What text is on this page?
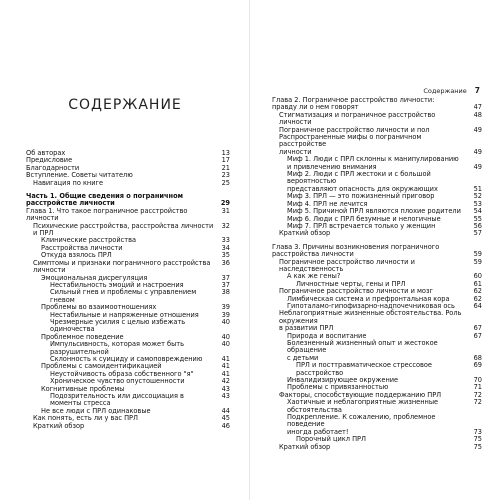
СОДЕРЖАНИЕ
Об авторах	13
Предисловие	17
Благодарности	21
Вступление. Советы читателю	23
Навигация по книге	25
Часть 1. Общие сведения о пограничном
расстройстве личности	29
Глава 1. Что такое пограничное расстройство личности
31
Психические расстройства, расстройства личности и ПРЛ
32
Клинические расстройства	33
Расстройства личности	34
Откуда взялось ПРЛ	35
Симптомы и признаки пограничного расстройства личности
36
Эмоциональная дисрегуляция	37
Нестабильность эмоций и настроения	37
Сильный гнев и проблемы с управлением гневом
38
Проблемы во взаимоотношениях	39
Нестабильные и напряженные отношения	39
Чрезмерные усилия с целью избежать одиночества
40
Проблемное поведение	40
Импульсивность, которая может быть разрушительной
40
Склонность к суициду и самоповреждению	41
Проблемы с самоидентификацией	41
Неустойчивость образа собственного "я"	41
Хроническое чувство опустошенности	42
Когнитивные проблемы	43
Подозрительность или диссоциация в моменты стресса
43
Не все люди с ПРЛ одинаковые	44
Как понять, есть ли у вас ПРЛ	45
Краткий обзор	46
Содержание 7
Глава 2. Пограничное расстройство личности:
правду ли о нем говорят	47
Стигматизация и пограничное расстройство личности
48
Пограничное расстройство личности и пол	49
Распространенные мифы о пограничном расстройстве
личности	49
Миф 1. Люди с ПРЛ склонны к манипулированию
и привлечению внимания	49
Миф 2. Люди с ПРЛ жестоки и с большой вероятностью
представляют опасность для окружающих	51
Миф 3. ПРЛ — это пожизненный приговор	52
Миф 4. ПРЛ не лечится	53
Миф 5. Причиной ПРЛ являются плохие родители 54
Миф 6. Люди с ПРЛ безумные и нелогичные	55
Миф 7. ПРЛ встречается только у женщин	56
Краткий обзор	57
Глава 3. Причины возникновения пограничного
расстройства личности	59
Пограничное расстройство личности и наследственность
59
А как же гены?	60
Личностные черты, гены и ПРЛ	61
Пограничное расстройство личности и мозг	62
Лимбическая система и префронтальная кора	62
Гипоталамо-гипофизарно-надпочечниковая ось	64
Неблагоприятные жизненные обстоятельства. Роль окружения
в развитии ПРЛ	67
Природа и воспитание	67
Болезненный жизненный опыт и жестокое обращение
с детьми	68
ПРЛ и посттравматическое стрессовое расстройство
69
Инвалидизирующее окружение	70
Проблемы с привязанностью	71
Факторы, способствующие поддержанию ПРЛ	72
Хаотичные и неблагоприятные жизненные обстоятельства
72
Подкрепление. К сожалению, проблемное поведение
иногда работает!	73
Порочный цикл ПРЛ	75
Краткий обзор	75
